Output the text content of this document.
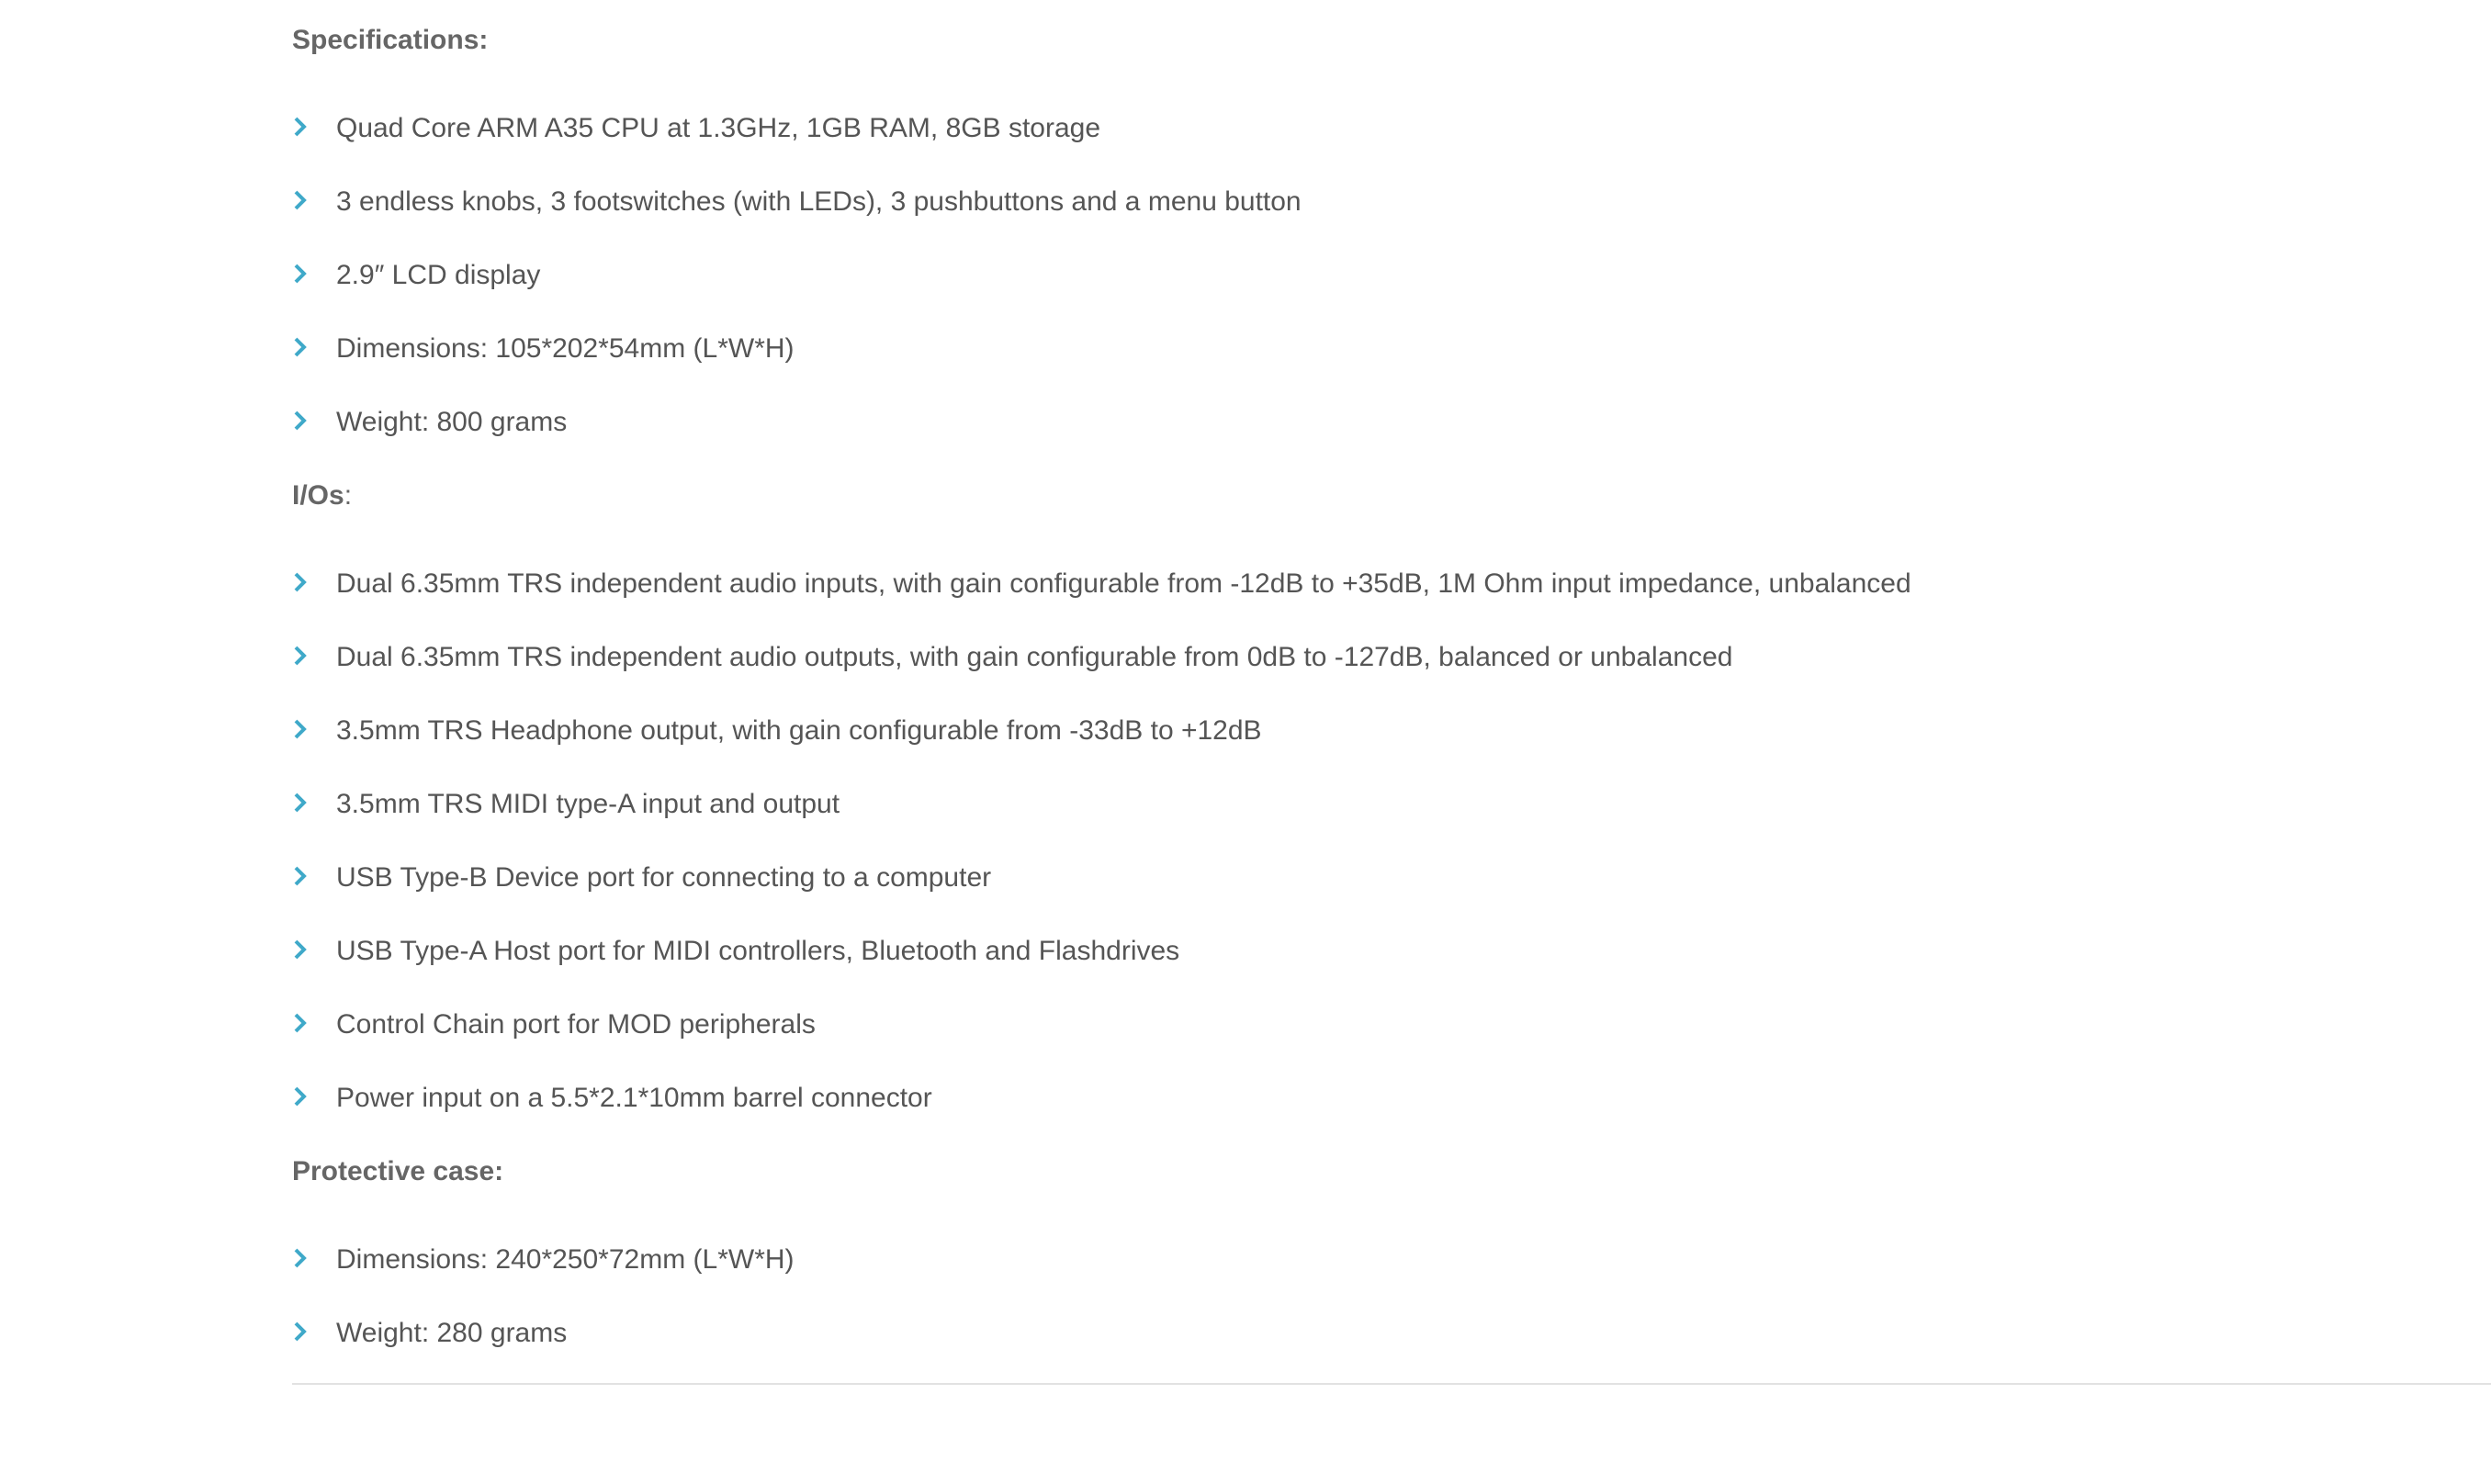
Specifications:
Quad Core ARM A35 CPU at 1.3GHz, 1GB RAM, 8GB storage
3 endless knobs, 3 footswitches (with LEDs), 3 pushbuttons and a menu button
2.9″ LCD display
Dimensions: 105*202*54mm (L*W*H)
Weight: 800 grams
I/Os:
Dual 6.35mm TRS independent audio inputs, with gain configurable from -12dB to +35dB, 1M Ohm input impedance, unbalanced
Dual 6.35mm TRS independent audio outputs, with gain configurable from 0dB to -127dB, balanced or unbalanced
3.5mm TRS Headphone output, with gain configurable from -33dB to +12dB
3.5mm TRS MIDI type-A input and output
USB Type-B Device port for connecting to a computer
USB Type-A Host port for MIDI controllers, Bluetooth and Flashdrives
Control Chain port for MOD peripherals
Power input on a 5.5*2.1*10mm barrel connector
Protective case:
Dimensions: 240*250*72mm (L*W*H)
Weight: 280 grams
